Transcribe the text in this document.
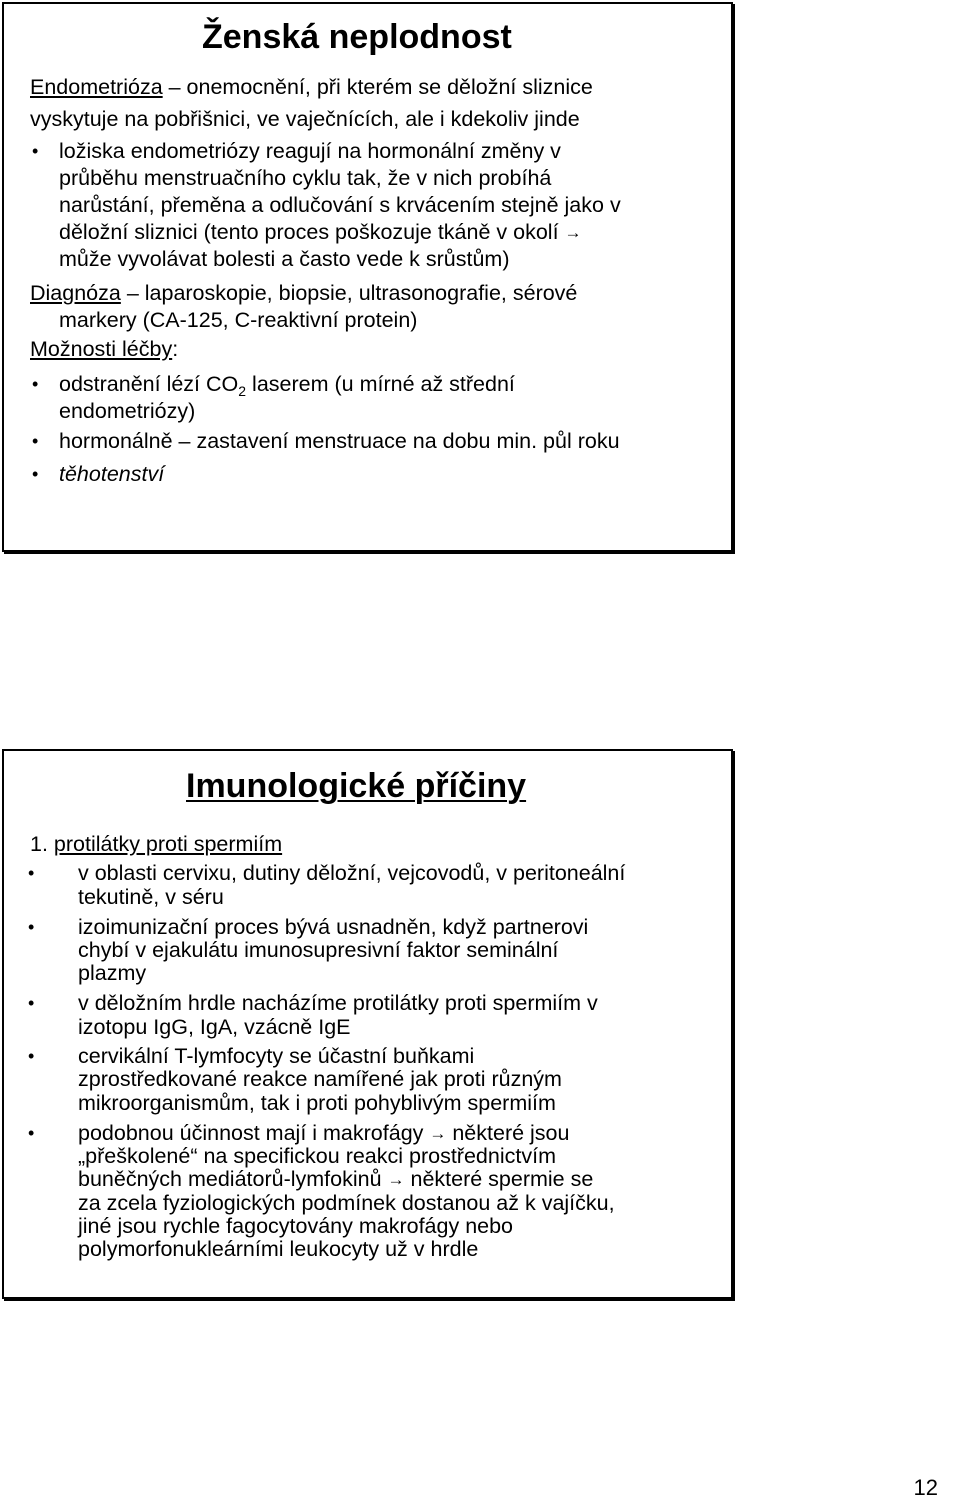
Ženská neplodnost
Endometrióza – onemocnění, při kterém se děložní sliznice
vyskytuje na pobřišnici, ve vaječnících, ale i kdekoliv jinde
• ložiska endometriózy reagují na hormonální změny v
průběhu menstruačního cyklu tak, že v nich probíhá
narůstání, přeměna a odlučování s krvácením stejně jako v
děložní sliznici (tento proces poškozuje tkáně v okolí →
může vyvolávat bolesti a často vede k srůstům)
Diagnóza – laparoskopie, biopsie, ultrasonografie, sérové
markery (CA-125, C-reaktivní protein)
Možnosti léčby:
• odstranění lézí $CO_2$ laserem (u mírné až střední
endometriózy)
• hormonálně – zastavení menstruace na dobu min. půl roku
• těhotenství
Imunologické příčiny
1. protilátky proti spermiím
• v oblasti cervixu, dutiny děložní, vejcovodů, v peritoneální
tekutině, v séru
• izoimunizační proces bývá usnadněn, když partnerovi
chybí v ejakulátu imunosupresivní faktor seminální
plazmy
• v děložním hrdle nacházíme protilátky proti spermiím v
izotopu IgG, IgA, vzácně IgE
• cervikální T-lymfocyty se účastní buňkami
zprostředkované reakce namířené jak proti různým
mikroorganismům, tak i proti pohyblivým spermiím
• podobnou účinnost mají i makrofágy → některé jsou
„přeškolené“ na specifickou reakci prostřednictvím
buněčných mediátorů-lymfokinů → některé spermie se
za zcela fyziologických podmínek dostanou až k vajíčku,
jiné jsou rychle fagocytovány makrofágy nebo
polymorfonukleárními leukocyty už v hrdle
12
